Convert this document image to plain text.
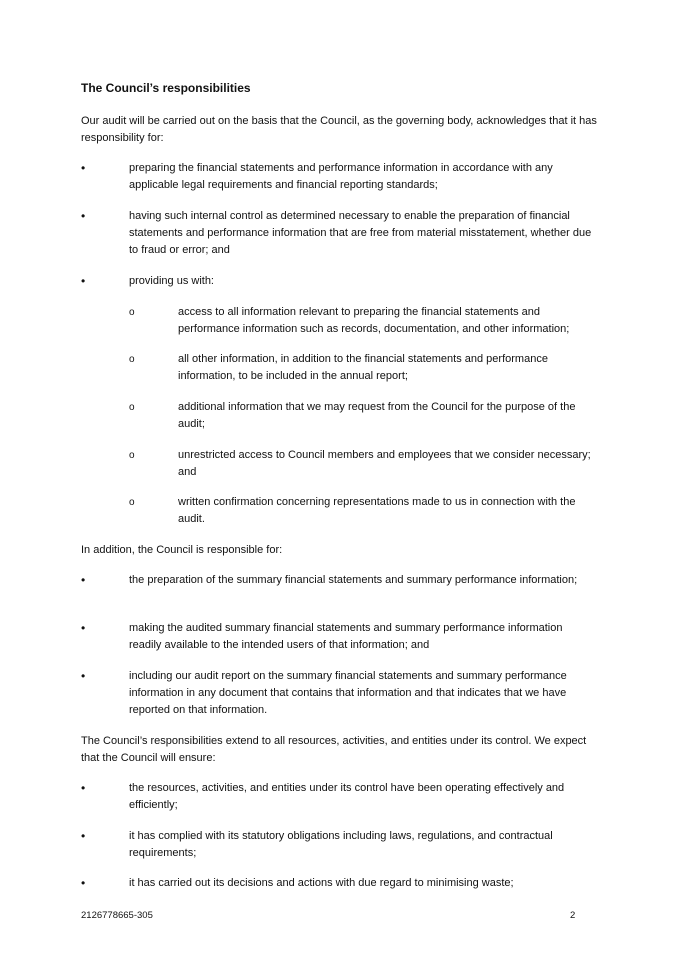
The Council’s responsibilities
Our audit will be carried out on the basis that the Council, as the governing body, acknowledges that it has responsibility for:
•	preparing the financial statements and performance information in accordance with any applicable legal requirements and financial reporting standards;
•	having such internal control as determined necessary to enable the preparation of financial statements and performance information that are free from material misstatement, whether due to fraud or error; and
•	providing us with:
o	access to all information relevant to preparing the financial statements and performance information such as records, documentation, and other information;
o	all other information, in addition to the financial statements and performance information, to be included in the annual report;
o	additional information that we may request from the Council for the purpose of the audit;
o	unrestricted access to Council members and employees that we consider necessary; and
o	written confirmation concerning representations made to us in connection with the audit.
In addition, the Council is responsible for:
•	the preparation of the summary financial statements and summary performance information;
•	making the audited summary financial statements and summary performance information readily available to the intended users of that information; and
•	including our audit report on the summary financial statements and summary performance information in any document that contains that information and that indicates that we have reported on that information.
The Council’s responsibilities extend to all resources, activities, and entities under its control. We expect that the Council will ensure:
•	the resources, activities, and entities under its control have been operating effectively and efficiently;
•	it has complied with its statutory obligations including laws, regulations, and contractual requirements;
•	it has carried out its decisions and actions with due regard to minimising waste;
2126778665-305	2
